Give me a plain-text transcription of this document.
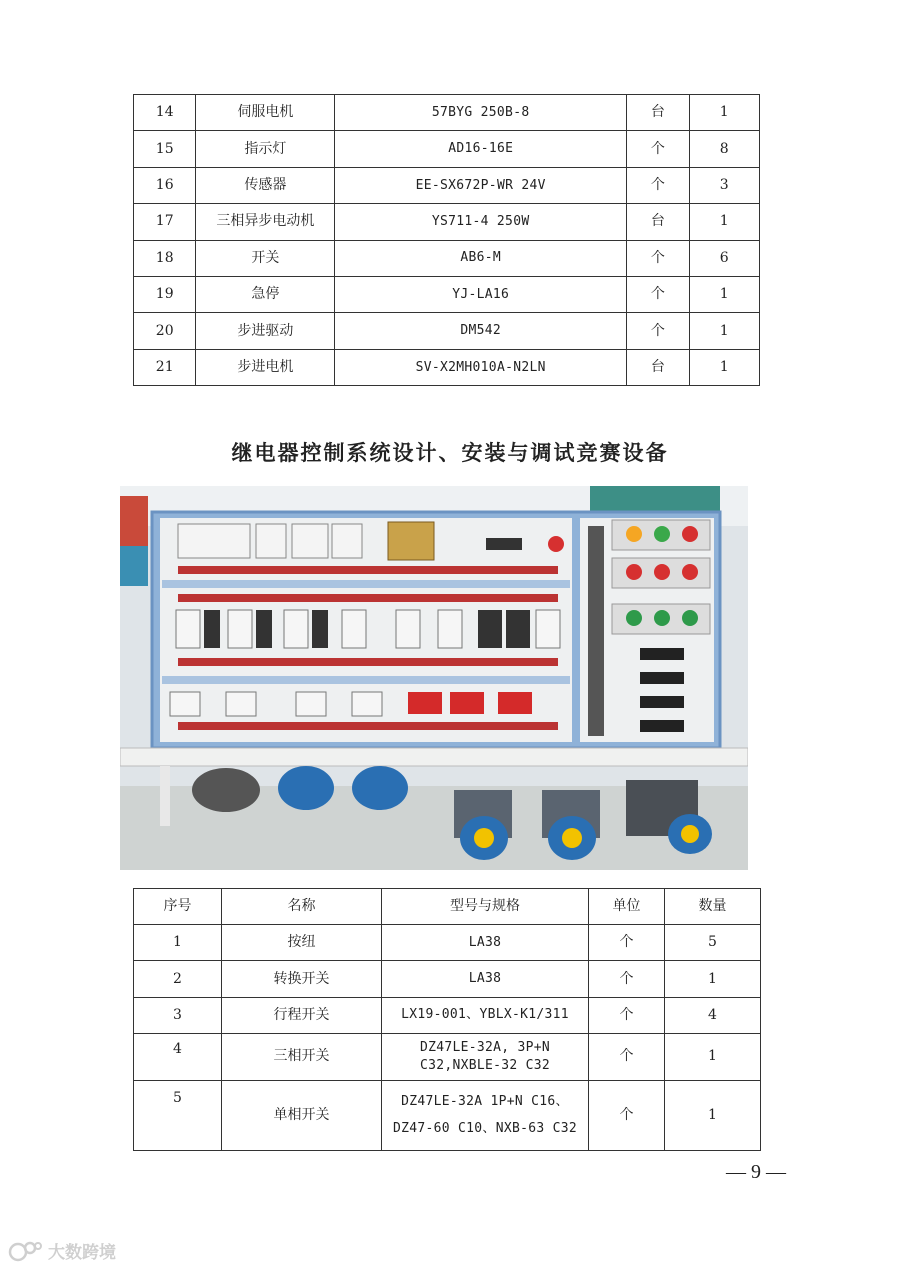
14	伺服电机	57BYG 250B-8	台	1
15	指示灯	AD16-16E	个	8
16	传感器	EE-SX672P-WR 24V	个	3
17	三相异步电动机	YS711-4 250W	台	1
18	开关	AB6-M	个	6
19	急停	YJ-LA16	个	1
20	步进驱动	DM542	个	1
21	步进电机	SV-X2MH010A-N2LN	台	1
继电器控制系统设计、安装与调试竞赛设备
序号	名称	型号与规格	单位	数量
1	按纽	LA38	个	5
2	转换开关	LA38	个	1
3	行程开关	LX19-001、YBLX-K1/311	个	4
4	三相开关	DZ47LE-32A, 3P+N
C32,NXBLE-32 C32	个	1
5	单相开关	DZ47LE-32A 1P+N C16、
DZ47-60 C10、NXB-63 C32	个	1
— 9 —
大数跨境
